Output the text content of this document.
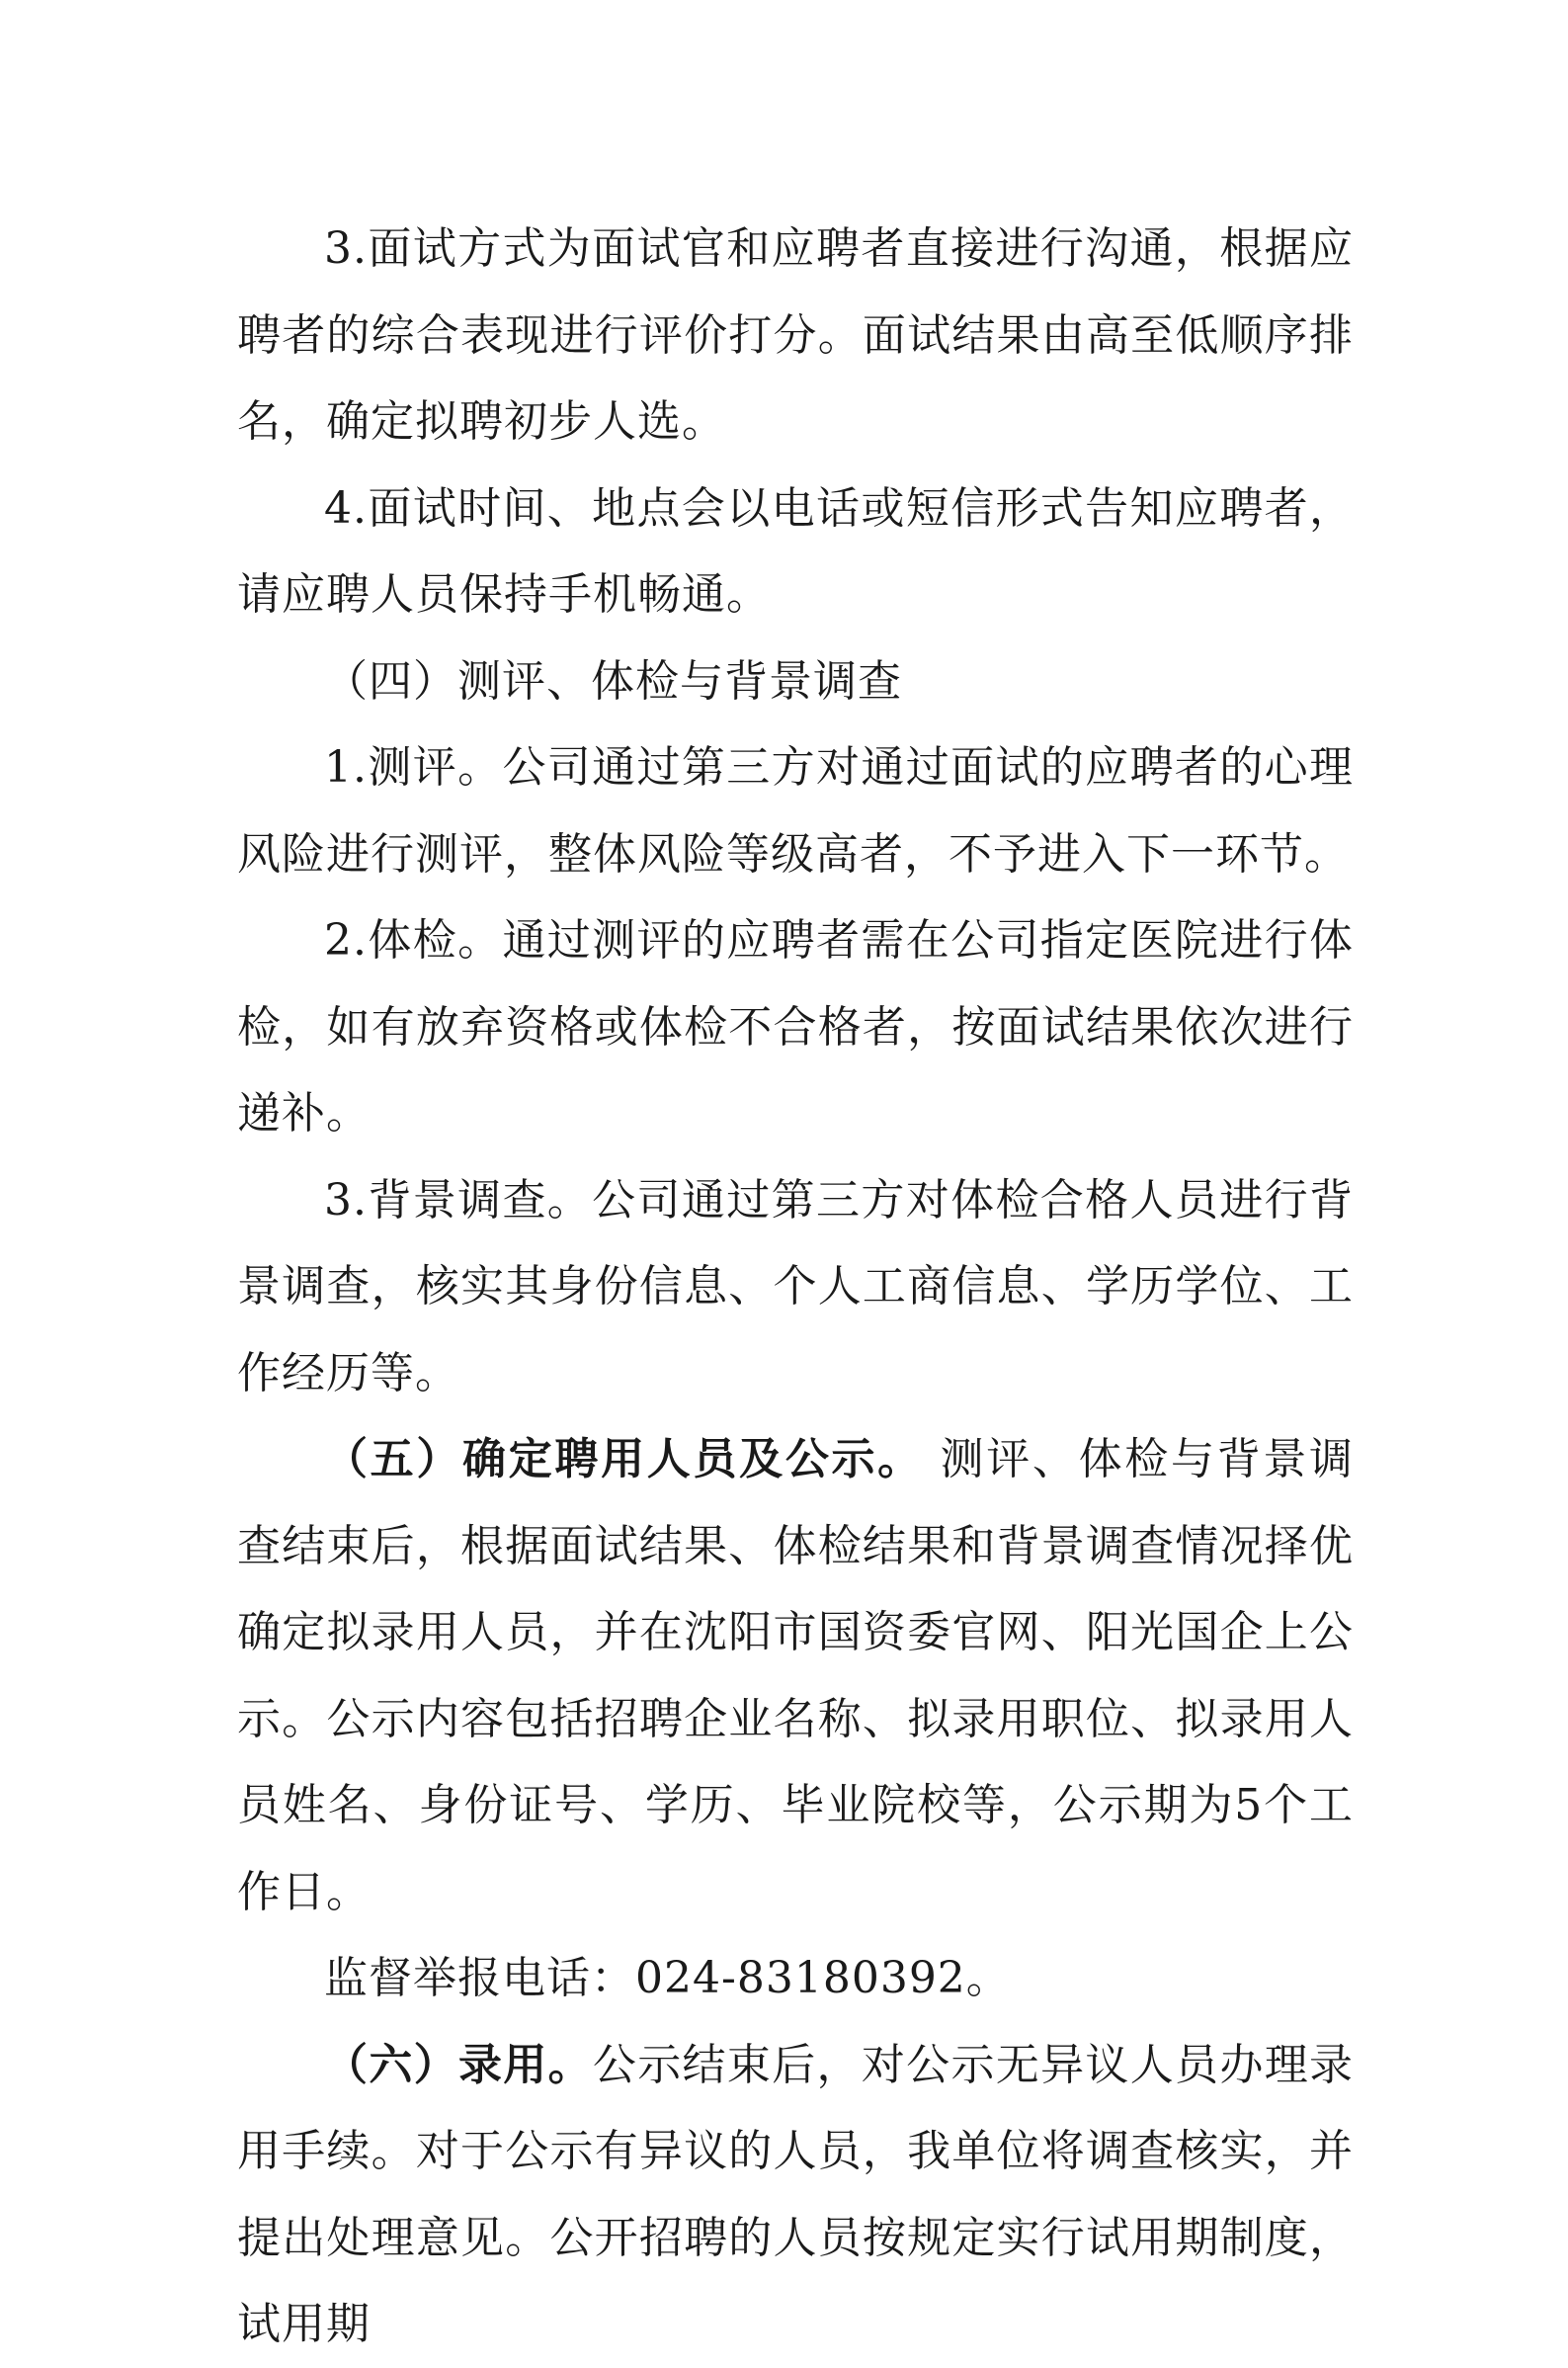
3.面试方式为面试官和应聘者直接进行沟通，根据应聘者的综合表现进行评价打分。面试结果由高至低顺序排名，确定拟聘初步人选。

4.面试时间、地点会以电话或短信形式告知应聘者，请应聘人员保持手机畅通。

（四）测评、体检与背景调查

1.测评。公司通过第三方对通过面试的应聘者的心理风险进行测评，整体风险等级高者，不予进入下一环节。

2.体检。通过测评的应聘者需在公司指定医院进行体检，如有放弃资格或体检不合格者，按面试结果依次进行递补。

3.背景调查。公司通过第三方对体检合格人员进行背景调查，核实其身份信息、个人工商信息、学历学位、工作经历等。

（五）确定聘用人员及公示。 测评、体检与背景调查结束后，根据面试结果、体检结果和背景调查情况择优确定拟录用人员，并在沈阳市国资委官网、阳光国企上公示。公示内容包括招聘企业名称、拟录用职位、拟录用人员姓名、身份证号、学历、毕业院校等，公示期为5个工作日。

监督举报电话：024-83180392。

（六）录用。公示结束后，对公示无异议人员办理录用手续。对于公示有异议的人员，我单位将调查核实，并提出处理意见。公开招聘的人员按规定实行试用期制度，试用期
